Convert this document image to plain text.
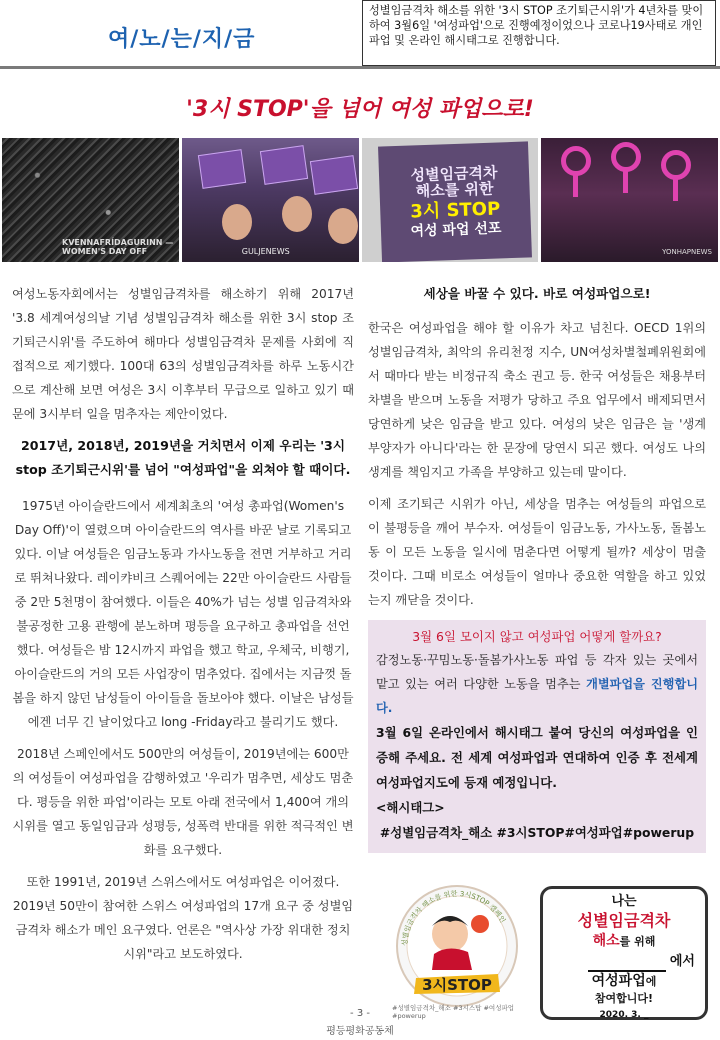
여/노/는/지/금
성별임금격차 해소를 위한 '3시 STOP 조기퇴근시위'가 4년차를 맞이하여 3월6일 '여성파업'으로 진행예정이었으나 코로나19사태로 개인파업 및 온라인 해시태그로 진행합니다.
'3시 STOP'을 넘어 여성 파업으로!
KVENNAFRÍDAGURINN — WOMEN'S DAY OFF	GULJENEWS
성별임금격차
해소를 위한
3시 STOP
여성 파업 선포
YONHAPNEWS

여성노동자회에서는 성별임금격차를 해소하기 위해 2017년 '3.8 세계여성의날 기념 성별임금격차 해소를 위한 3시 stop 조기퇴근시위'를 주도하여 해마다 성별임금격차 문제를 사회에 직접적으로 제기했다. 100대 63의 성별임금격차를 하루 노동시간으로 계산해 보면 여성은 3시 이후부터 무급으로 일하고 있기 때문에 3시부터 일을 멈추자는 제안이었다.

2017년, 2018년, 2019년을 거치면서 이제 우리는 '3시 stop 조기퇴근시위'를 넘어 "여성파업"을 외쳐야 할 때이다.

1975년 아이슬란드에서 세계최초의 '여성 총파업(Women's Day Off)'이 열렸으며 아이슬란드의 역사를 바꾼 날로 기록되고 있다. 이날 여성들은 임금노동과 가사노동을 전면 거부하고 거리로 뛰쳐나왔다. 레이캬비크 스퀘어에는 22만 아이슬란드 사람들 중 2만 5천명이 참여했다. 이들은 40%가 넘는 성별 임금격차와 불공정한 고용 관행에 분노하며 평등을 요구하고 총파업을 선언했다. 여성들은 밤 12시까지 파업을 했고 학교, 우체국, 비행기, 아이슬란드의 거의 모든 사업장이 멈추었다. 집에서는 지금껏 돌봄을 하지 않던 남성들이 아이들을 돌보아야 했다. 이날은 남성들에겐 너무 긴 날이었다고 long -Friday라고 불리기도 했다.

2018년 스페인에서도 500만의 여성들이, 2019년에는 600만의 여성들이 여성파업을 감행하였고 '우리가 멈추면, 세상도 멈춘다. 평등을 위한 파업'이라는 모토 아래 전국에서 1,400여 개의 시위를 열고 동일임금과 성평등, 성폭력 반대를 위한 적극적인 변화를 요구했다.

또한 1991년, 2019년 스위스에서도 여성파업은 이어졌다. 2019년 50만이 참여한 스위스 여성파업의 17개 요구 중 성별임금격차 해소가 메인 요구였다. 언론은 "역사상 가장 위대한 정치 시위"라고 보도하였다.

세상을 바꿀 수 있다. 바로 여성파업으로!

한국은 여성파업을 해야 할 이유가 차고 넘친다. OECD 1위의 성별임금격차, 최악의 유리천정 지수, UN여성차별철폐위원회에서 때마다 받는 비정규직 축소 권고 등. 한국 여성들은 채용부터 차별을 받으며 노동을 저평가 당하고 주요 업무에서 배제되면서 당연하게 낮은 임금을 받고 있다. 여성의 낮은 임금은 늘 '생계 부양자가 아니다'라는 한 문장에 당연시 되곤 했다. 여성도 나의 생계를 책임지고 가족을 부양하고 있는데 말이다.

이제 조기퇴근 시위가 아닌, 세상을 멈추는 여성들의 파업으로 이 불평등을 깨어 부수자. 여성들이 임금노동, 가사노동, 돌봄노동 이 모든 노동을 일시에 멈춘다면 어떻게 될까? 세상이 멈출 것이다. 그때 비로소 여성들이 얼마나 중요한 역할을 하고 있었는지 깨닫을 것이다.

3월 6일 모이지 않고 여성파업 어떻게 할까요?
감정노동·꾸밈노동·돌봄가사노동 파업 등 각자 있는 곳에서 맡고 있는 여러 다양한 노동을 멈추는 개별파업을 진행합니다.
3월 6일 온라인에서 해시태그 붙여 당신의 여성파업을 인증해 주세요. 전 세계 여성파업과 연대하여 인증 후 전세계 여성파업지도에 등재 예정입니다.
<해시태그>
#성별임금격차_해소 #3시STOP#여성파업#powerup
성별임금격차 해소를 위한 3시STOP 캠페인
3시STOP
#성별임금격차_해소 #3시스탑 #여성파업 #powerup
나는
성별임금격차
해소를 위해
에서
여성파업에
참여합니다!
2020. 3. _
- 3 -
평등평화공동체
